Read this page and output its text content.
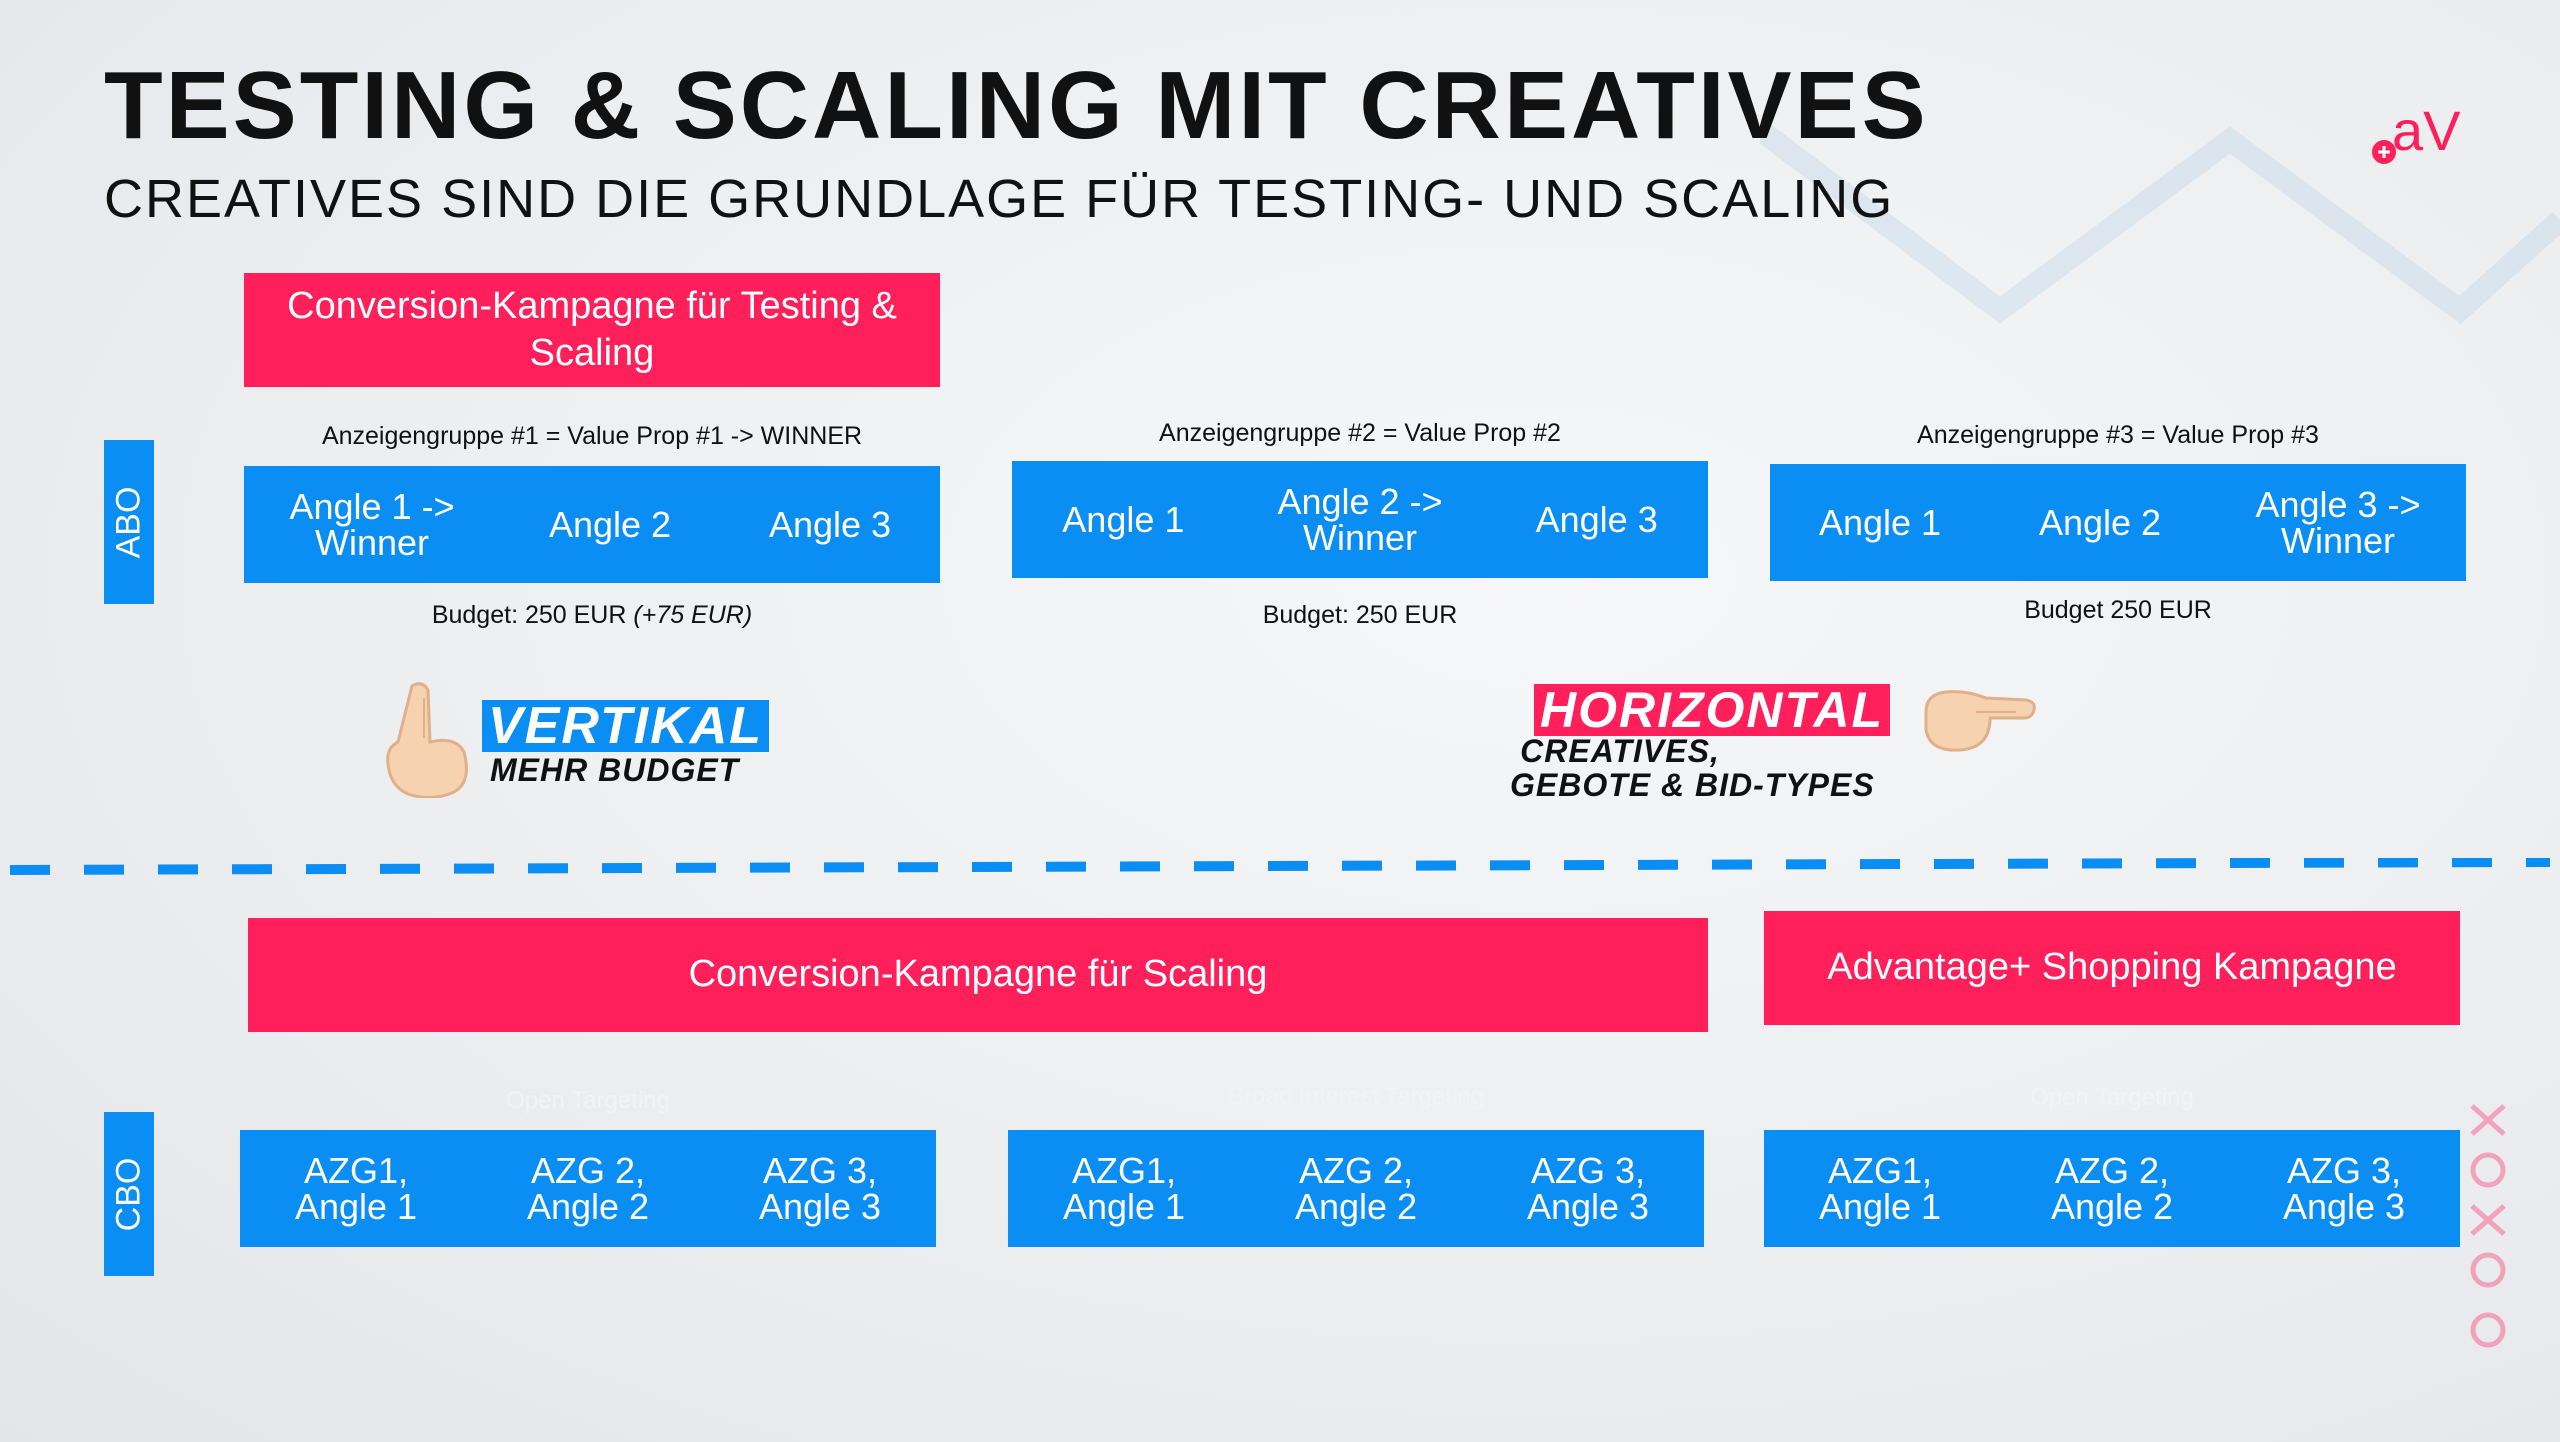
TESTING & SCALING MIT CREATIVES
CREATIVES SIND DIE GRUNDLAGE FÜR TESTING- UND SCALING
aV
ABO
Conversion-Kampagne für Testing & Scaling
Anzeigengruppe #1 = Value Prop #1 -> WINNER
Angle 1 -> Winner	Angle 2	Angle 3
Budget: 250 EUR (+75 EUR)
Anzeigengruppe #2 = Value Prop #2
Angle 1	Angle 2 -> Winner	Angle 3
Budget: 250 EUR
Anzeigengruppe #3 = Value Prop #3
Angle 1	Angle 2	Angle 3 -> Winner
Budget 250 EUR
VERTIKAL
MEHR BUDGET
HORIZONTAL
CREATIVES,
GEBOTE & BID-TYPES
Conversion-Kampagne für Scaling	Advantage+ Shopping Kampagne
CBO
Open Targeting
AZG1,
Angle 1
AZG 2,
Angle 2
AZG 3,
Angle 3
Broad Interest Targeting
AZG1,
Angle 1
AZG 2,
Angle 2
AZG 3,
Angle 3
Open Targeting
AZG1,
Angle 1
AZG 2,
Angle 2
AZG 3,
Angle 3
